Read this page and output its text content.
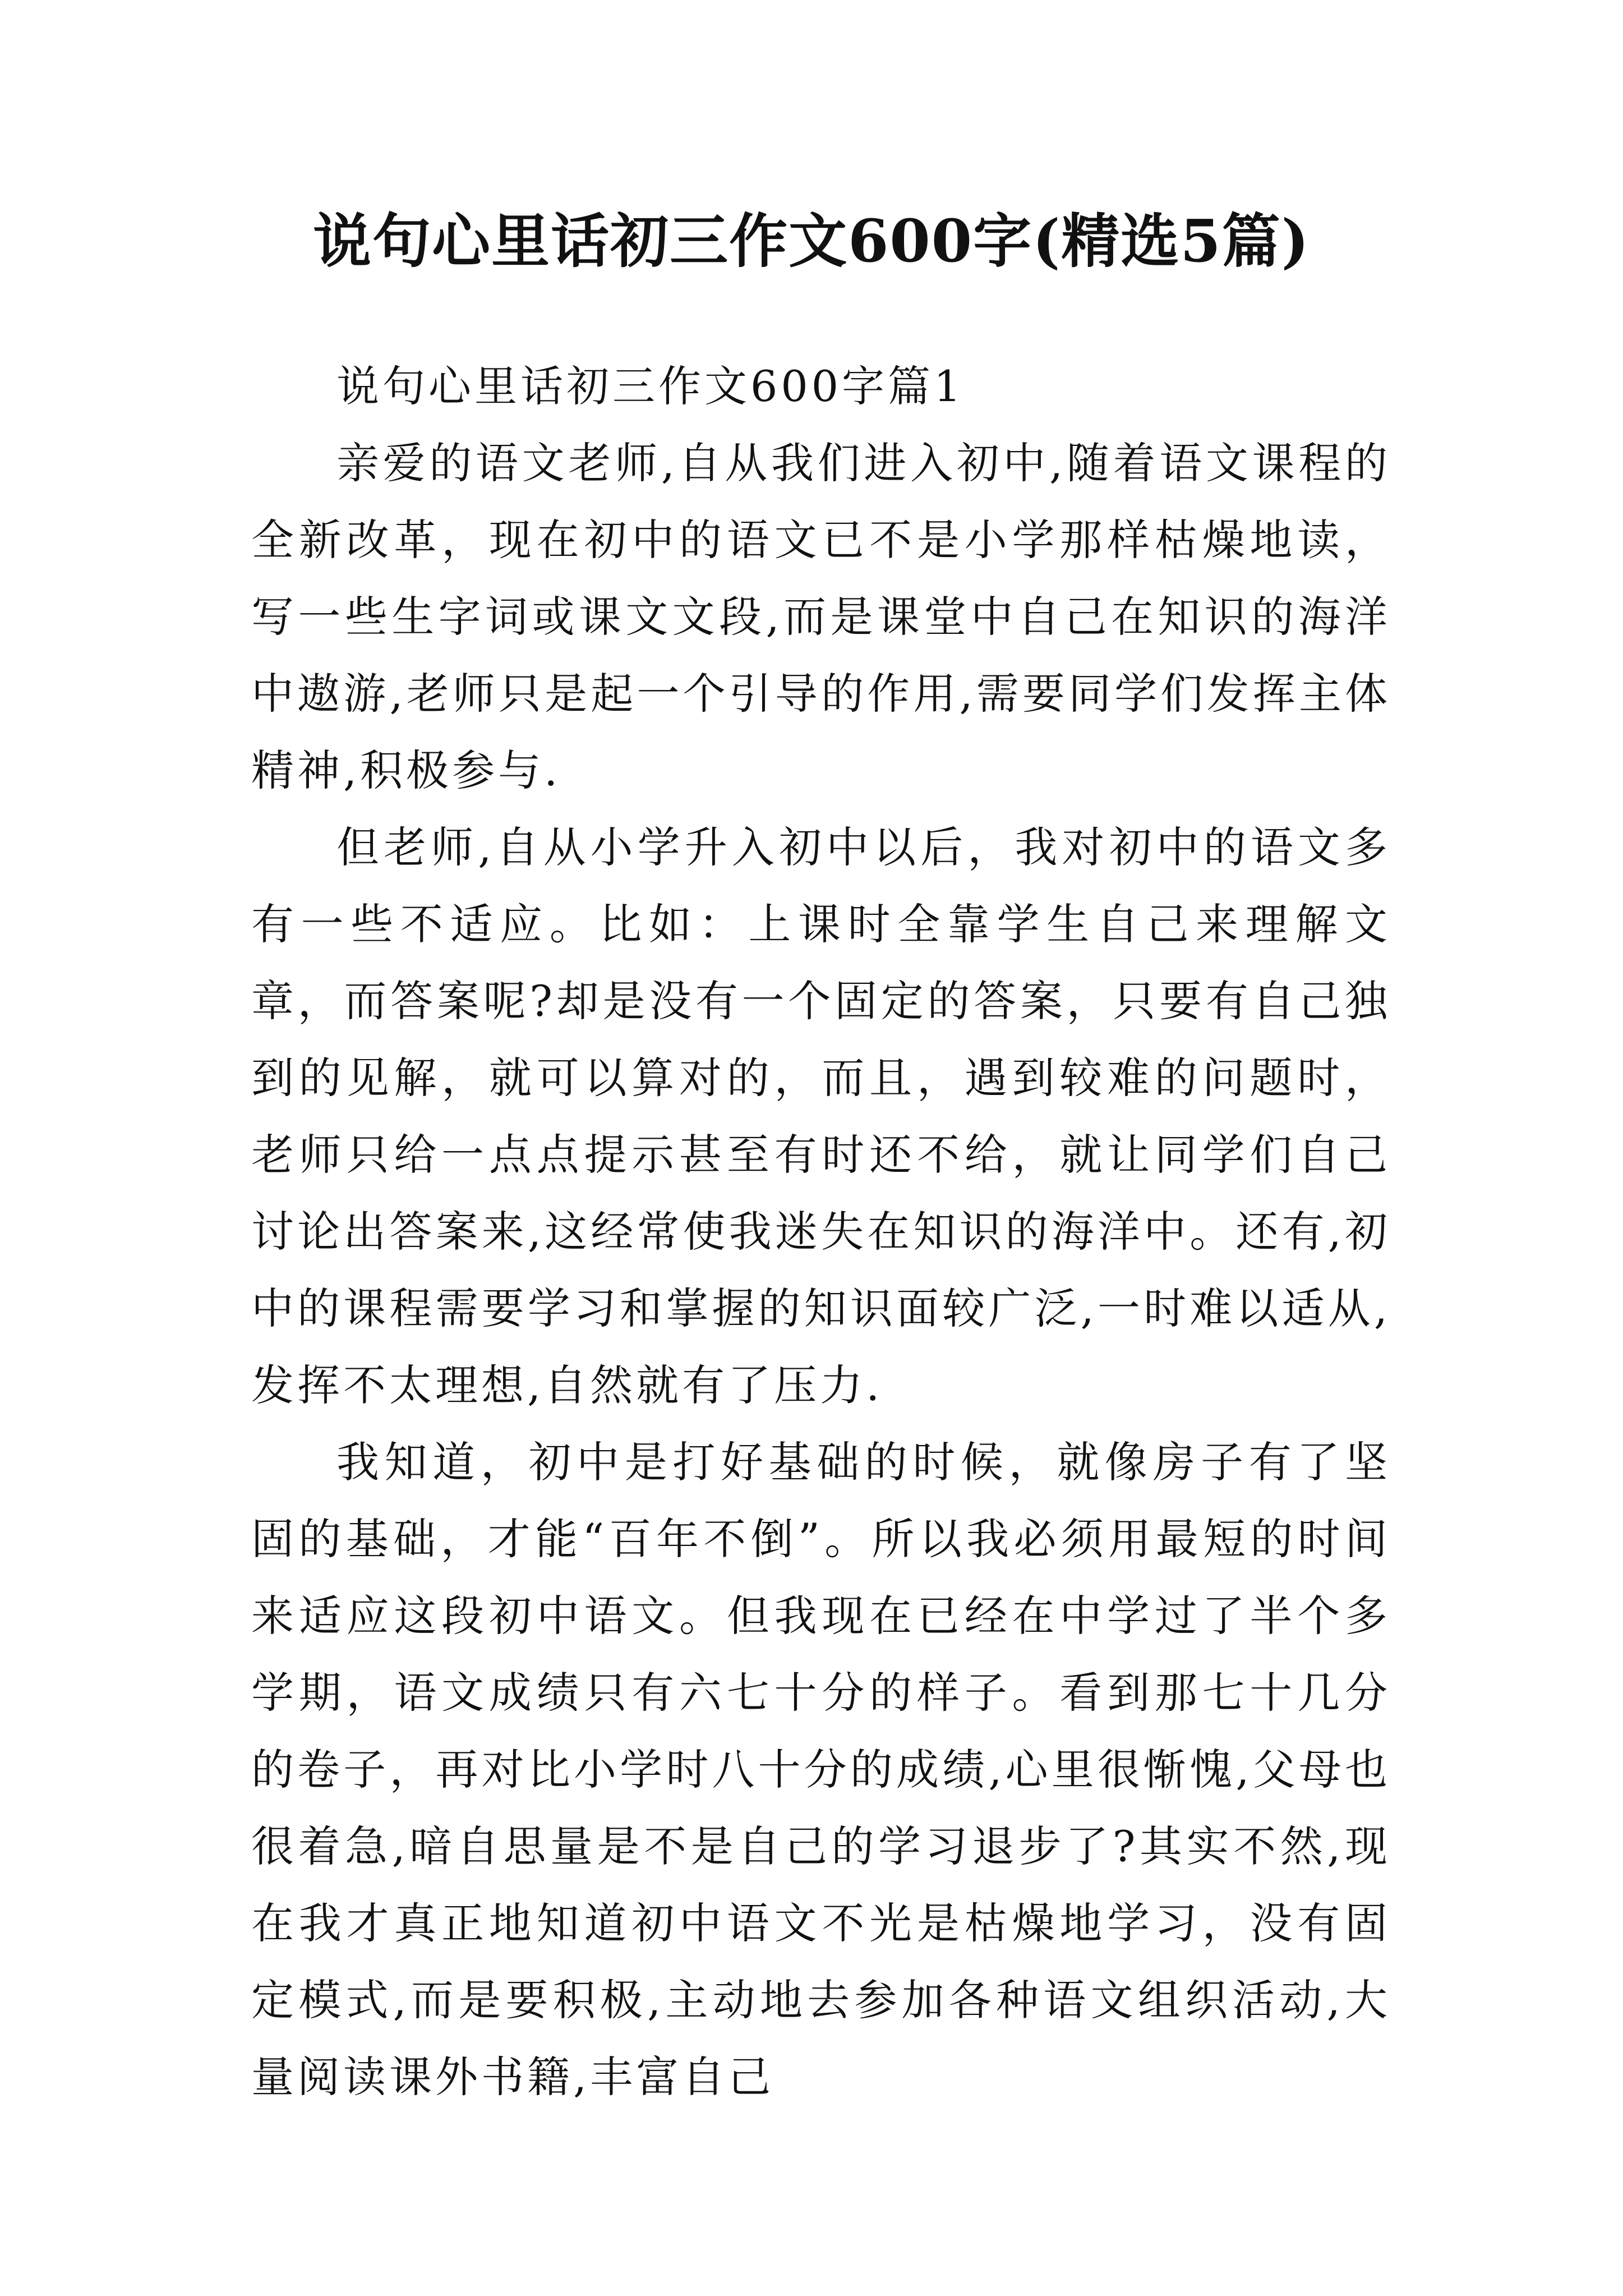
说句心里话初三作文600字(精选5篇)

说句心里话初三作文600字篇1

亲爱的语文老师,自从我们进入初中,随着语文课程的全新改革，现在初中的语文已不是小学那样枯燥地读，写一些生字词或课文文段,而是课堂中自己在知识的海洋中遨游,老师只是起一个引导的作用,需要同学们发挥主体精神,积极参与.

但老师,自从小学升入初中以后，我对初中的语文多有一些不适应。比如：上课时全靠学生自己来理解文章，而答案呢?却是没有一个固定的答案，只要有自己独到的见解，就可以算对的，而且，遇到较难的问题时，老师只给一点点提示甚至有时还不给，就让同学们自己讨论出答案来,这经常使我迷失在知识的海洋中。还有,初中的课程需要学习和掌握的知识面较广泛,一时难以适从,发挥不太理想,自然就有了压力.

我知道，初中是打好基础的时候，就像房子有了坚固的基础，才能“百年不倒”。所以我必须用最短的时间来适应这段初中语文。但我现在已经在中学过了半个多学期，语文成绩只有六七十分的样子。看到那七十几分的卷子，再对比小学时八十分的成绩,心里很惭愧,父母也很着急,暗自思量是不是自己的学习退步了?其实不然,现在我才真正地知道初中语文不光是枯燥地学习，没有固定模式,而是要积极,主动地去参加各种语文组织活动,大量阅读课外书籍,丰富自己
